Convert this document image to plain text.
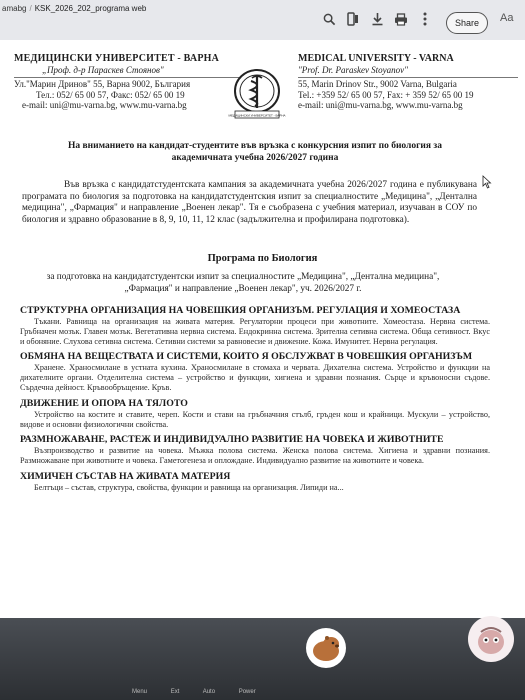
amabg / KSK_2026_202_programa web
Share	Aa
МЕДИЦИНСКИ УНИВЕРСИТЕТ - ВАРНА
„Проф. д-р Параскев Стоянов"
Ул."Марин Дринов" 55, Варна 9002, България
Тел.: 052/ 65 00 57, Факс: 052/ 65 00 19
e-mail: uni@mu-varna.bg, www.mu-varna.bg
МЕДИЦИНСКИ УНИВЕРСИТЕТ - ВАРНА
MEDICAL UNIVERSITY - VARNA
"Prof. Dr. Paraskev Stoyanov"
55, Marin Drinov Str., 9002 Varna, Bulgaria
Tel.: +359 52/ 65 00 57, Fax: + 359 52/ 65 00 19
e-mail: uni@mu-varna.bg, www.mu-varna.bg
На вниманието на кандидат-студентите във връзка с конкурсния изпит по биология за академичната учебна 2026/2027 година
Във връзка с кандидатстудентската кампания за академичната учебна 2026/2027 година е публикувана програмата по биология за подготовка на кандидатстудентския изпит за специалностите „Медицина", „Дентална медицина", „Фармация" и направление „Военен лекар". Тя е съобразена с учебния материал, изучаван в СОУ по биология и здравно образование в 8, 9, 10, 11, 12 клас (задължителна и профилирана подготовка).
Програма по Биология
за подготовка на кандидатстудентски изпит за специалностите „Медицина", „Дентална медицина", „Фармация" и направление „Военен лекар", уч. 2026/2027 г.
СТРУКТУРНА ОРГАНИЗАЦИЯ НА ЧОВЕШКИЯ ОРГАНИЗЪМ. РЕГУЛАЦИЯ И ХОМЕОСТАЗА
Тъкани. Равнища на организация на живата материя. Регулаторни процеси при животните. Хомеостаза. Нервна система. Гръбначен мозък. Главен мозък. Вегетативна нервна система. Ендокринна система. Зрителна сетивна система. Обща сетивност. Вкус и обоняние. Слухова сетивна система. Сетивни системи за равновесие и движение. Кожа. Имунитет. Нервна регулация.
ОБМЯНА НА ВЕЩЕСТВАТА И СИСТЕМИ, КОИТО Я ОБСЛУЖВАТ В ЧОВЕШКИЯ ОРГАНИЗЪМ
Хранене. Храносмилане в устната кухина. Храносмилане в стомаха и червата. Дихателна система. Устройство и функции на дихателните органи. Отделителна система – устройство и функции, хигиена и здравни познания. Сърце и кръвоносни съдове. Сърдечна дейност. Кръвообръщение. Кръв.
ДВИЖЕНИЕ И ОПОРА НА ТЯЛОТО
Устройство на костите и ставите, череп. Кости и стави на гръбначния стълб, гръден кош и крайници. Мускули – устройство, видове и основни физиологични свойства.
РАЗМНОЖАВАНЕ, РАСТЕЖ И ИНДИВИДУАЛНО РАЗВИТИЕ НА ЧОВЕКА И ЖИВОТНИТЕ
Възпроизводство и развитие на човека. Мъжка полова система. Женска полова система. Хигиена и здравни познания. Размножаване при животните и човека. Гаметогенеза и оплождане. Индивидуално развитие на животните и човека.
ХИМИЧЕН СЪСТАВ НА ЖИВАТА МАТЕРИЯ
Белтъци – състав, структура, свойства, функции и равнища на организация. Липиди на...
Menu	Ext	Auto	Power
